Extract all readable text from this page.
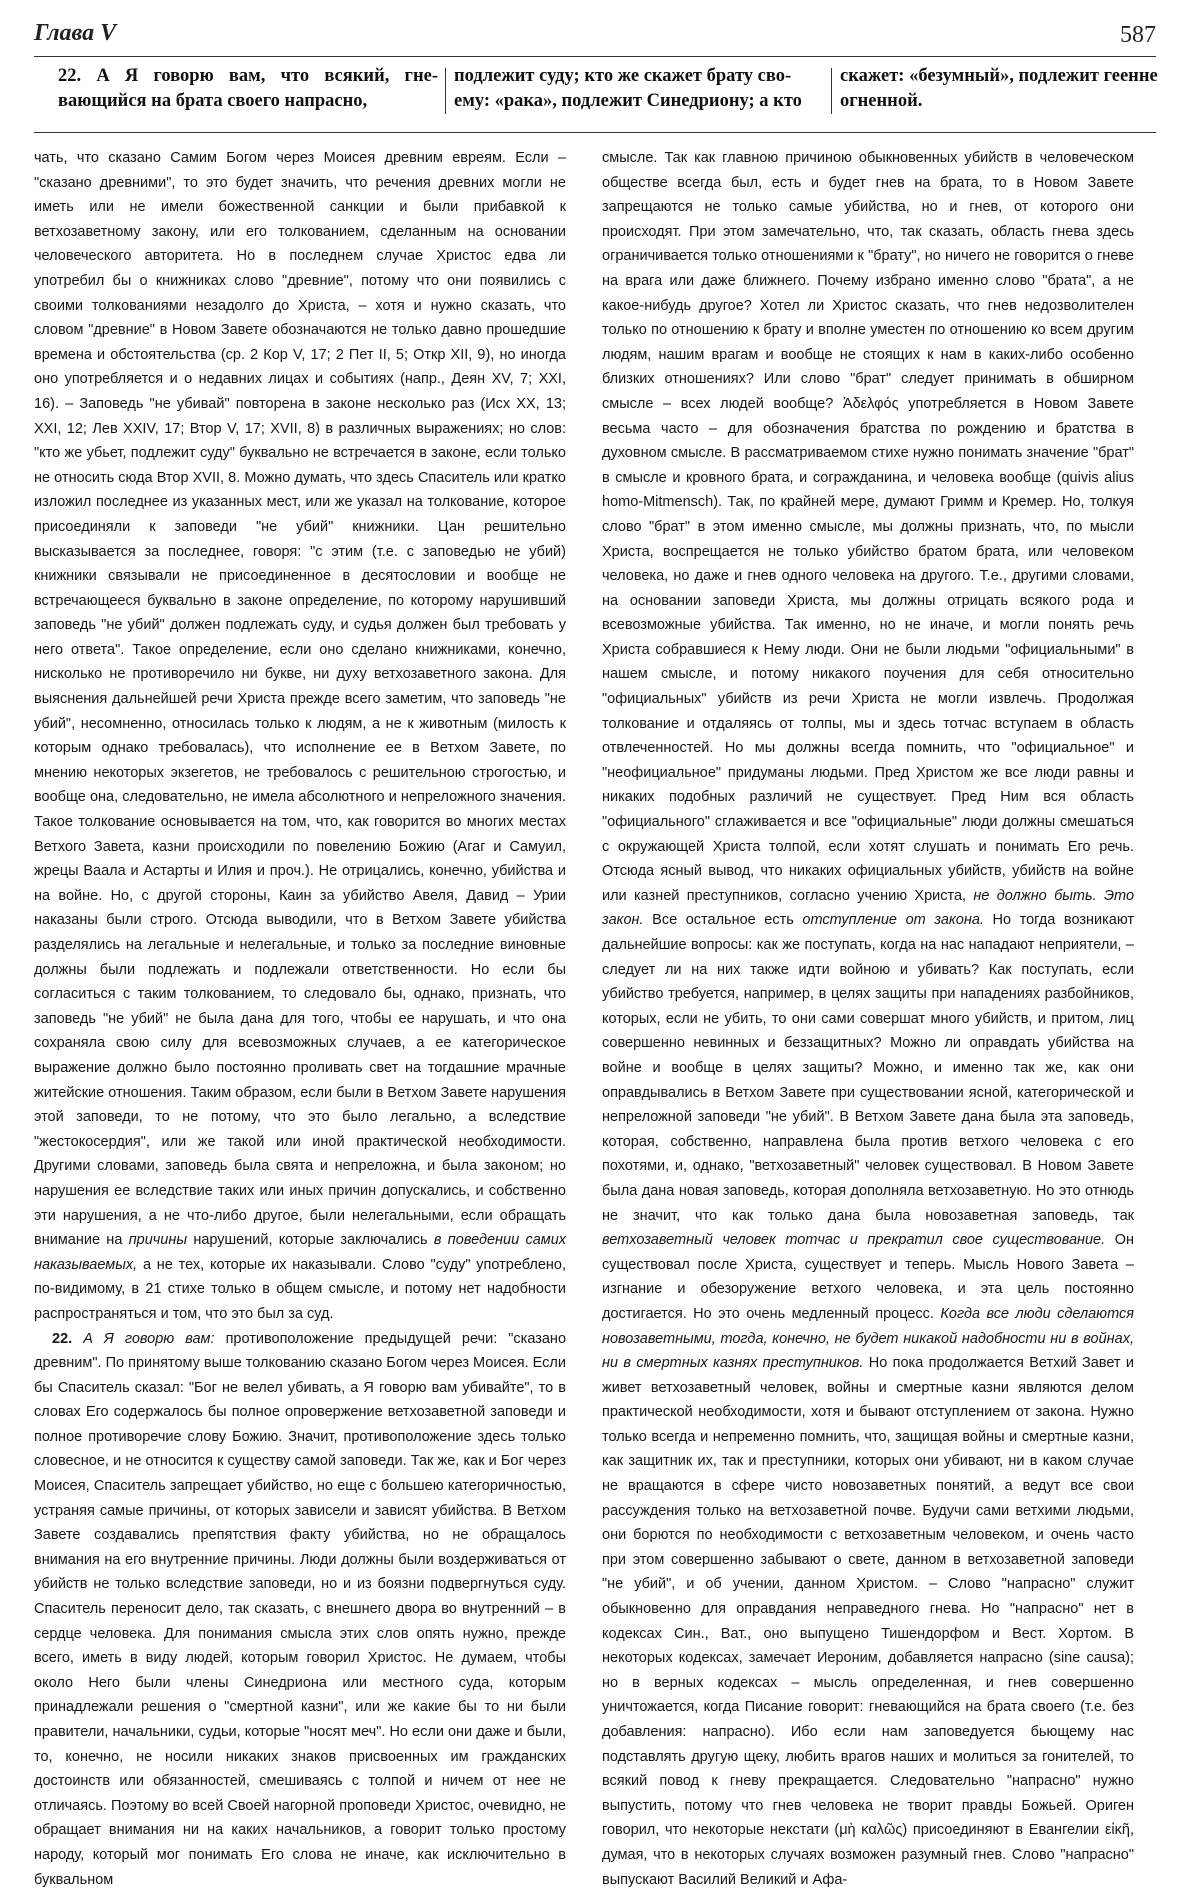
Глава V	587
22. А Я говорю вам, что всякий, гне-вающийся на брата своего напрасно,
подлежит суду; кто же скажет брату сво-ему: «рака», подлежит Синедриону; а кто
скажет: «безумный», подлежит геенне огненной.

чать, что сказано Самим Богом через Моисея древним евреям. Если – "сказано древними", то это будет значить, что речения древних могли не иметь или не имели божественной санкции и были прибавкой к ветхозаветному закону, или его толкованием, сделанным на основании человеческого авторитета. Но в последнем случае Христос едва ли употребил бы о книжниках слово "древние", потому что они появились с своими толкованиями незадолго до Христа, – хотя и нужно сказать, что словом "древние" в Новом Завете обозначаются не только давно прошедшие времена и обстоятельства (ср. 2 Кор V, 17; 2 Пет II, 5; Откр XII, 9), но иногда оно употребляется и о недавних лицах и событиях (напр., Деян XV, 7; XXI, 16). – Заповедь "не убивай" повторена в законе несколько раз (Исх XX, 13; XXI, 12; Лев XXIV, 17; Втор V, 17; XVII, 8) в различных выражениях; но слов: "кто же убьет, подлежит суду" буквально не встречается в законе, если только не относить сюда Втор XVII, 8. Можно думать, что здесь Спаситель или кратко изложил последнее из указанных мест, или же указал на толкование, которое присоединяли к заповеди "не убий" книжники. Цан решительно высказывается за последнее, говоря: "с этим (т.е. с заповедью не убий) книжники связывали не присоединенное в десятословии и вообще не встречающееся буквально в законе определение, по которому нарушивший заповедь "не убий" должен подлежать суду, и судья должен был требовать у него ответа". Такое определение, если оно сделано книжниками, конечно, нисколько не противоречило ни букве, ни духу ветхозаветного закона. Для выяснения дальнейшей речи Христа прежде всего заметим, что заповедь "не убий", несомненно, относилась только к людям, а не к животным (милость к которым однако требовалась), что исполнение ее в Ветхом Завете, по мнению некоторых экзегетов, не требовалось с решительною строгостью, и вообще она, следовательно, не имела абсолютного и непреложного значения. Такое толкование основывается на том, что, как говорится во многих местах Ветхого Завета, казни происходили по повелению Божию (Агаг и Самуил, жрецы Ваала и Астарты и Илия и проч.). Не отрицались, конечно, убийства и на войне. Но, с другой стороны, Каин за убийство Авеля, Давид – Урии наказаны были строго. Отсюда выводили, что в Ветхом Завете убийства разделялись на легальные и нелегальные, и только за последние виновные должны были подлежать и подлежали ответственности. Но если бы согласиться с таким толкованием, то следовало бы, однако, признать, что заповедь "не убий" не была дана для того, чтобы ее нарушать, и что она сохраняла свою силу для всевозможных случаев, а ее категорическое выражение должно было постоянно проливать свет на тогдашние мрачные житейские отношения. Таким образом, если были в Ветхом Завете нарушения этой заповеди, то не потому, что это было легально, а вследствие "жестокосердия", или же такой или иной практической необходимости. Другими словами, заповедь была свята и непреложна, и была законом; но нарушения ее вследствие таких или иных причин допускались, и собственно эти нарушения, а не что-либо другое, были нелегальными, если обращать внимание на причины нарушений, которые заключались в поведении самих наказываемых, а не тех, которые их наказывали. Слово "суду" употреблено, по-видимому, в 21 стихе только в общем смысле, и потому нет надобности распространяться и том, что это был за суд.

22. А Я говорю вам: противоположение предыдущей речи: "сказано древним". По принятому выше толкованию сказано Богом через Моисея. Если бы Спаситель сказал: "Бог не велел убивать, а Я говорю вам убивайте", то в словах Его содержалось бы полное опровержение ветхозаветной заповеди и полное противоречие слову Божию. Значит, противоположение здесь только словесное, и не относится к существу самой заповеди. Так же, как и Бог через Моисея, Спаситель запрещает убийство, но еще с большею категоричностью, устраняя самые причины, от которых зависели и зависят убийства. В Ветхом Завете создавались препятствия факту убийства, но не обращалось внимания на его внутренние причины. Люди должны были воздерживаться от убийств не только вследствие заповеди, но и из боязни подвергнуться суду. Спаситель переносит дело, так сказать, с внешнего двора во внутренний – в сердце человека. Для понимания смысла этих слов опять нужно, прежде всего, иметь в виду людей, которым говорил Христос. Не думаем, чтобы около Него были члены Синедриона или местного суда, которым принадлежали решения о "смертной казни", или же какие бы то ни были правители, начальники, судьи, которые "носят меч". Но если они даже и были, то, конечно, не носили никаких знаков присвоенных им гражданских достоинств или обязанностей, смешиваясь с толпой и ничем от нее не отличаясь. Поэтому во всей Своей нагорной проповеди Христос, очевидно, не обращает внимания ни на каких начальников, а говорит только простому народу, который мог понимать Его слова не иначе, как исключительно в буквальном

смысле. Так как главною причиною обыкновенных убийств в человеческом обществе всегда был, есть и будет гнев на брата, то в Новом Завете запрещаются не только самые убийства, но и гнев, от которого они происходят. При этом замечательно, что, так сказать, область гнева здесь ограничивается только отношениями к "брату", но ничего не говорится о гневе на врага или даже ближнего. Почему избрано именно слово "брата", а не какое-нибудь другое? Хотел ли Христос сказать, что гнев недозволителен только по отношению к брату и вполне уместен по отношению ко всем другим людям, нашим врагам и вообще не стоящих к нам в каких-либо особенно близких отношениях? Или слово "брат" следует принимать в обширном смысле – всех людей вообще? Ἀδελφός употребляется в Новом Завете весьма часто – для обозначения братства по рождению и братства в духовном смысле. В рассматриваемом стихе нужно понимать значение "брат" в смысле и кровного брата, и согражданина, и человека вообще (quivis alius homo-Mitmensch). Так, по крайней мере, думают Гримм и Кремер. Но, толкуя слово "брат" в этом именно смысле, мы должны признать, что, по мысли Христа, воспрещается не только убийство братом брата, или человеком человека, но даже и гнев одного человека на другого. Т.е., другими словами, на основании заповеди Христа, мы должны отрицать всякого рода и всевозможные убийства. Так именно, но не иначе, и могли понять речь Христа собравшиеся к Нему люди. Они не были людьми "официальными" в нашем смысле, и потому никакого поучения для себя относительно "официальных" убийств из речи Христа не могли извлечь. Продолжая толкование и отдаляясь от толпы, мы и здесь тотчас вступаем в область отвлеченностей. Но мы должны всегда помнить, что "официальное" и "неофициальное" придуманы людьми. Пред Христом же все люди равны и никаких подобных различий не существует. Пред Ним вся область "официального" сглаживается и все "официальные" люди должны смешаться с окружающей Христа толпой, если хотят слушать и понимать Его речь. Отсюда ясный вывод, что никаких официальных убийств, убийств на войне или казней преступников, согласно учению Христа, не должно быть. Это закон. Все остальное есть отступление от закона. Но тогда возникают дальнейшие вопросы: как же поступать, когда на нас нападают неприятели, – следует ли на них также идти войною и убивать? Как поступать, если убийство требуется, например, в целях защиты при нападениях разбойников, которых, если не убить, то они сами совершат много убийств, и притом, лиц совершенно невинных и беззащитных? Можно ли оправдать убийства на войне и вообще в целях защиты? Можно, и именно так же, как они оправдывались в Ветхом Завете при существовании ясной, категорической и непреложной заповеди "не убий". В Ветхом Завете дана была эта заповедь, которая, собственно, направлена была против ветхого человека с его похотями, и, однако, "ветхозаветный" человек существовал. В Новом Завете была дана новая заповедь, которая дополняла ветхозаветную. Но это отнюдь не значит, что как только дана была новозаветная заповедь, так ветхозаветный человек тотчас и прекратил свое существование. Он существовал после Христа, существует и теперь. Мысль Нового Завета – изгнание и обезоружение ветхого человека, и эта цель постоянно достигается. Но это очень медленный процесс. Когда все люди сделаются новозаветными, тогда, конечно, не будет никакой надобности ни в войнах, ни в смертных казнях преступников. Но пока продолжается Ветхий Завет и живет ветхозаветный человек, войны и смертные казни являются делом практической необходимости, хотя и бывают отступлением от закона. Нужно только всегда и непременно помнить, что, защищая войны и смертные казни, как защитник их, так и преступники, которых они убивают, ни в каком случае не вращаются в сфере чисто новозаветных понятий, а ведут все свои рассуждения только на ветхозаветной почве. Будучи сами ветхими людьми, они борются по необходимости с ветхозаветным человеком, и очень часто при этом совершенно забывают о свете, данном в ветхозаветной заповеди "не убий", и об учении, данном Христом. – Слово "напрасно" служит обыкновенно для оправдания неправедного гнева. Но "напрасно" нет в кодексах Син., Ват., оно выпущено Тишендорфом и Вест. Хортом. В некоторых кодексах, замечает Иероним, добавляется напрасно (sine causa); но в верных кодексах – мысль определенная, и гнев совершенно уничтожается, когда Писание говорит: гневающийся на брата своего (т.е. без добавления: напрасно). Ибо если нам заповедуется бьющему нас подставлять другую щеку, любить врагов наших и молиться за гонителей, то всякий повод к гневу прекращается. Следовательно "напрасно" нужно выпустить, потому что гнев человека не творит правды Божьей. Ориген говорил, что некоторые некстати (μὴ καλῶς) присоединяют в Евангелии εἰκῆ, думая, что в некоторых случаях возможен разумный гнев. Слово "напрасно" выпускают Василий Великий и Афа-
